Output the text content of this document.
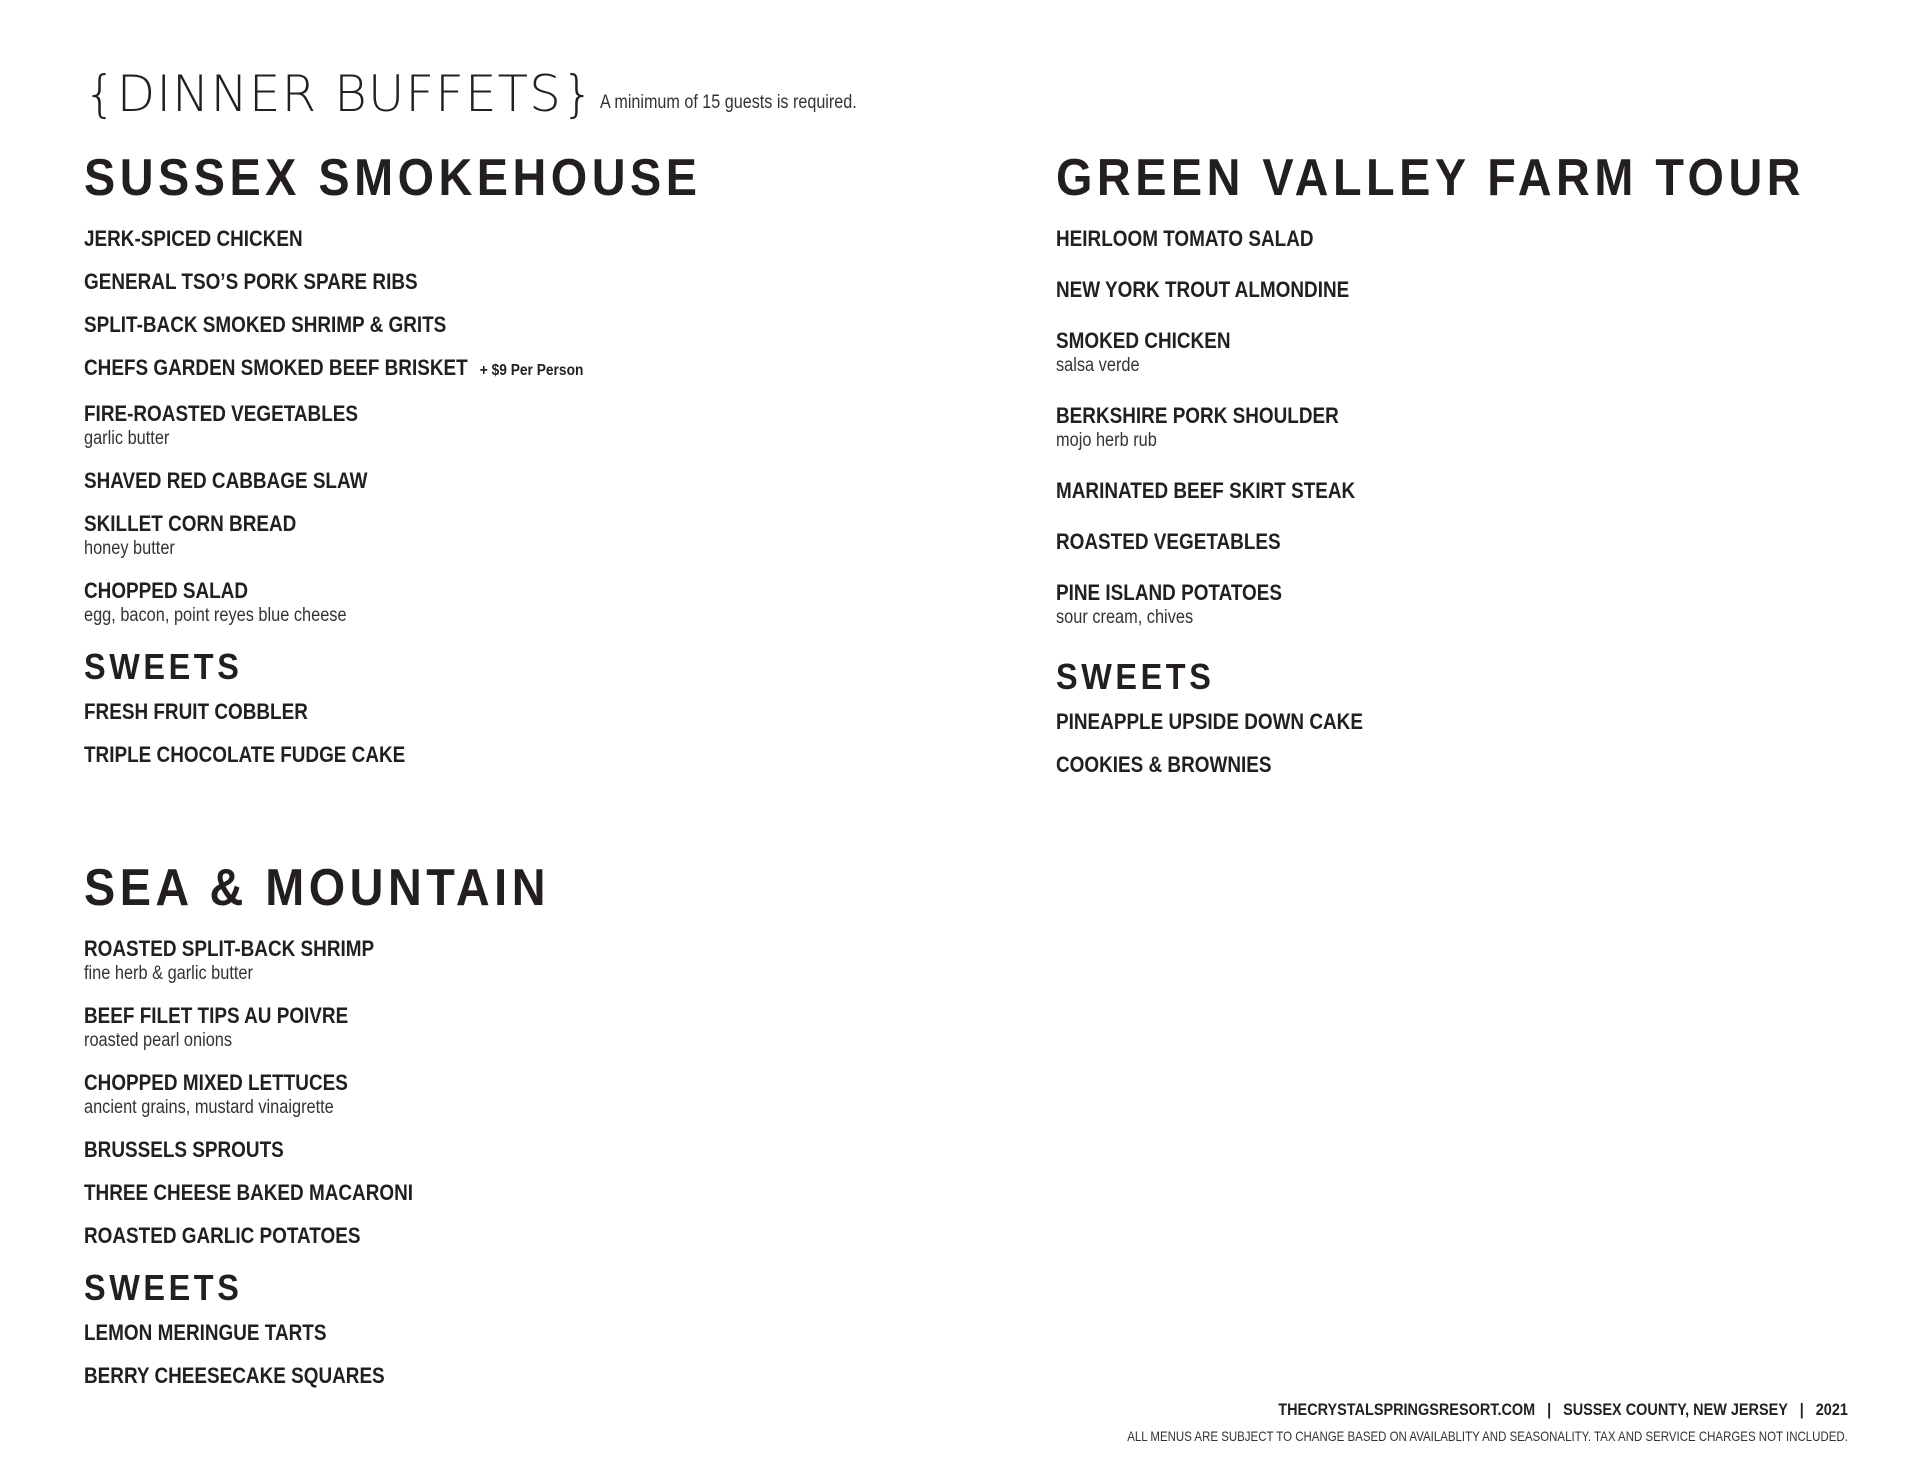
{DINNER BUFFETS} A minimum of 15 guests is required.
SUSSEX SMOKEHOUSE
JERK-SPICED CHICKEN
GENERAL TSO’S PORK SPARE RIBS
SPLIT-BACK SMOKED SHRIMP & GRITS
CHEFS GARDEN SMOKED BEEF BRISKET + $9 Per Person
FIRE-ROASTED VEGETABLES
garlic butter
SHAVED RED CABBAGE SLAW
SKILLET CORN BREAD
honey butter
CHOPPED SALAD
egg, bacon, point reyes blue cheese
SWEETS
FRESH FRUIT COBBLER
TRIPLE CHOCOLATE FUDGE CAKE
GREEN VALLEY FARM TOUR
HEIRLOOM TOMATO SALAD
NEW YORK TROUT ALMONDINE
SMOKED CHICKEN
salsa verde
BERKSHIRE PORK SHOULDER
mojo herb rub
MARINATED BEEF SKIRT STEAK
ROASTED VEGETABLES
PINE ISLAND POTATOES
sour cream, chives
SWEETS
PINEAPPLE UPSIDE DOWN CAKE
COOKIES & BROWNIES
SEA & MOUNTAIN
ROASTED SPLIT-BACK SHRIMP
fine herb & garlic butter
BEEF FILET TIPS AU POIVRE
roasted pearl onions
CHOPPED MIXED LETTUCES
ancient grains, mustard vinaigrette
BRUSSELS SPROUTS
THREE CHEESE BAKED MACARONI
ROASTED GARLIC POTATOES
SWEETS
LEMON MERINGUE TARTS
BERRY CHEESECAKE SQUARES
THECRYSTALSPRINGSRESORT.COM | SUSSEX COUNTY, NEW JERSEY | 2021
ALL MENUS ARE SUBJECT TO CHANGE BASED ON AVAILABLITY AND SEASONALITY. TAX AND SERVICE CHARGES NOT INCLUDED.
